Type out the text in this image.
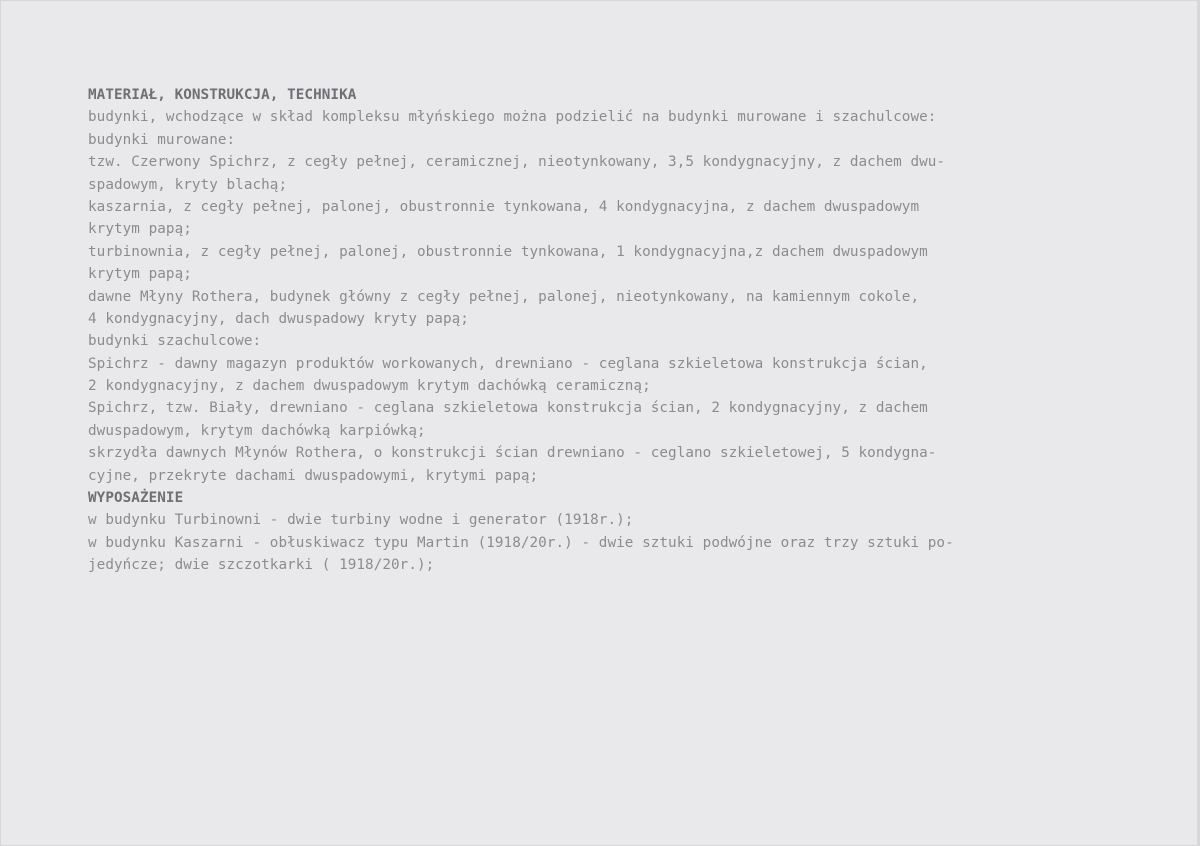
MATERIAŁ, KONSTRUKCJA, TECHNIKA
budynki, wchodzące w skład kompleksu młyńskiego można podzielić na budynki murowane i szachulcowe:
budynki murowane:
tzw. Czerwony Spichrz, z cegły pełnej, ceramicznej, nieotynkowany, 3,5 kondygnacyjny, z dachem dwu-
spadowym, kryty blachą;
kaszarnia, z cegły pełnej, palonej, obustronnie tynkowana, 4 kondygnacyjna, z dachem dwuspadowym
krytym papą;
turbinownia, z cegły pełnej, palonej, obustronnie tynkowana, 1 kondygnacyjna,z dachem dwuspadowym
krytym papą;
dawne Młyny Rothera, budynek główny z cegły pełnej, palonej, nieotynkowany, na kamiennym cokole,
4 kondygnacyjny, dach dwuspadowy kryty papą;
budynki szachulcowe:
Spichrz - dawny magazyn produktów workowanych, drewniano - ceglana szkieletowa konstrukcja ścian,
2 kondygnacyjny, z dachem dwuspadowym krytym dachówką ceramiczną;
Spichrz, tzw. Biały, drewniano - ceglana szkieletowa konstrukcja ścian, 2 kondygnacyjny, z dachem
dwuspadowym, krytym dachówką karpiówką;
skrzydła dawnych Młynów Rothera, o konstrukcji ścian drewniano - ceglano szkieletowej, 5 kondygna-
cyjne, przekryte dachami dwuspadowymi, krytymi papą;
WYPOSAŻENIE
w budynku Turbinowni - dwie turbiny wodne i generator (1918r.);
w budynku Kaszarni - obłuskiwacz typu Martin (1918/20r.) - dwie sztuki podwójne oraz trzy sztuki po-
jedyńcze; dwie szczotkarki ( 1918/20r.);
